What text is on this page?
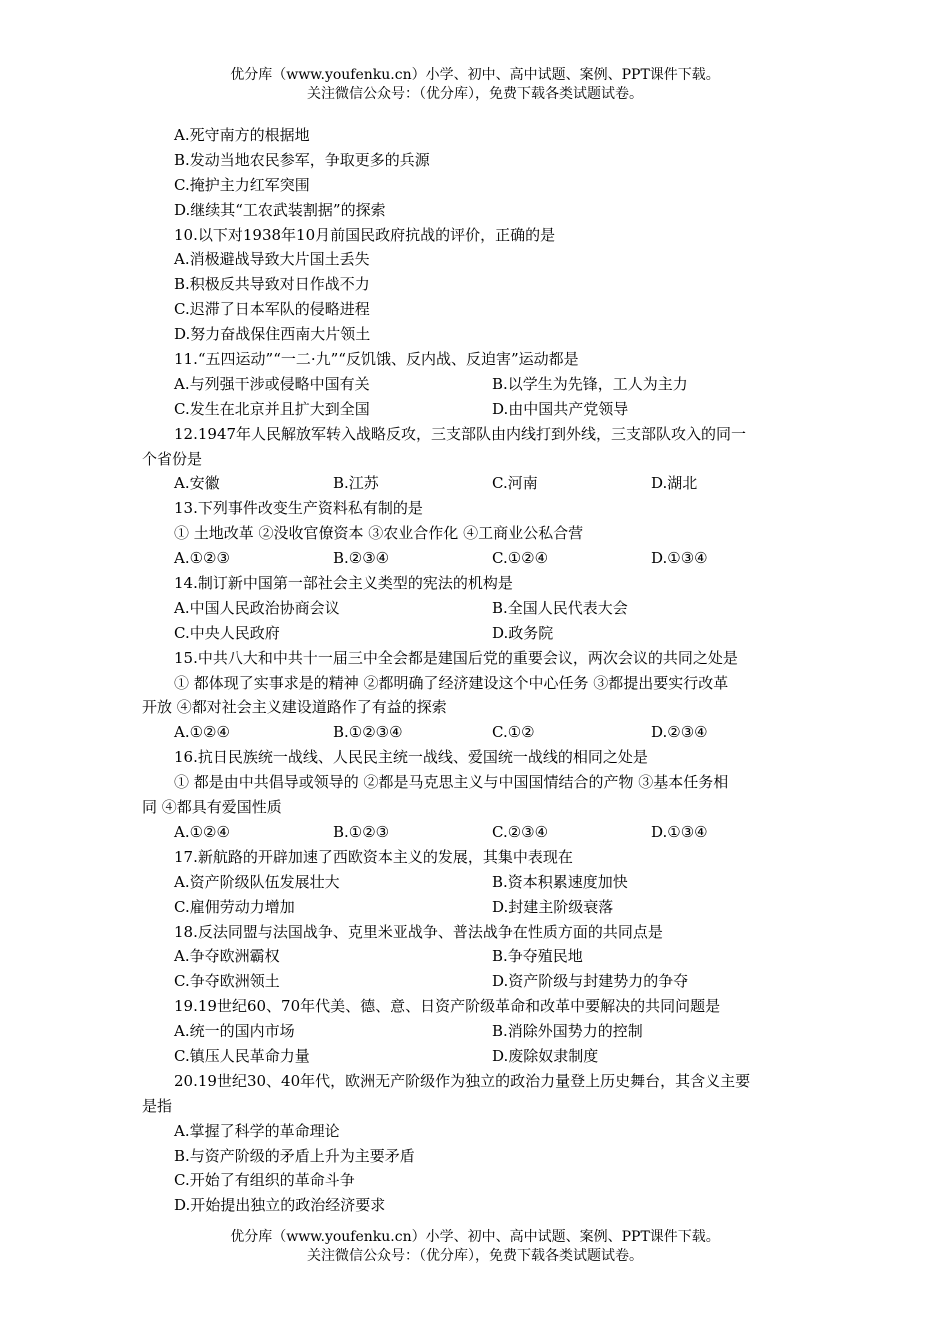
优分库（www.youfenku.cn）小学、初中、高中试题、案例、PPT课件下载。
关注微信公众号：（优分库），免费下载各类试题试卷。
A.死守南方的根据地
B.发动当地农民参军，争取更多的兵源
C.掩护主力红军突围
D.继续其“工农武装割据”的探索
10.以下对1938年10月前国民政府抗战的评价，正确的是
A.消极避战导致大片国土丢失
B.积极反共导致对日作战不力
C.迟滞了日本军队的侵略进程
D.努力奋战保住西南大片领土
11.“五四运动”“一二·九”“反饥饿、反内战、反迫害”运动都是
A.与列强干涉或侵略中国有关	B.以学生为先锋，工人为主力
C.发生在北京并且扩大到全国	D.由中国共产党领导
12.1947年人民解放军转入战略反攻，三支部队由内线打到外线，三支部队攻入的同一
个省份是
A.安徽	B.江苏	C.河南	D.湖北
13.下列事件改变生产资料私有制的是
① 土地改革 ②没收官僚资本 ③农业合作化 ④工商业公私合营
A.①②③	B.②③④	C.①②④	D.①③④
14.制订新中国第一部社会主义类型的宪法的机构是
A.中国人民政治协商会议	B.全国人民代表大会
C.中央人民政府	D.政务院
15.中共八大和中共十一届三中全会都是建国后党的重要会议，两次会议的共同之处是
① 都体现了实事求是的精神 ②都明确了经济建设这个中心任务 ③都提出要实行改革
开放 ④都对社会主义建设道路作了有益的探索
A.①②④	B.①②③④	C.①②	D.②③④
16.抗日民族统一战线、人民民主统一战线、爱国统一战线的相同之处是
① 都是由中共倡导或领导的 ②都是马克思主义与中国国情结合的产物 ③基本任务相
同 ④都具有爱国性质
A.①②④	B.①②③	C.②③④	D.①③④
17.新航路的开辟加速了西欧资本主义的发展，其集中表现在
A.资产阶级队伍发展壮大	B.资本积累速度加快
C.雇佣劳动力增加	D.封建主阶级衰落
18.反法同盟与法国战争、克里米亚战争、普法战争在性质方面的共同点是
A.争夺欧洲霸权	B.争夺殖民地
C.争夺欧洲领土	D.资产阶级与封建势力的争夺
19.19世纪60、70年代美、德、意、日资产阶级革命和改革中要解决的共同问题是
A.统一的国内市场	B.消除外国势力的控制
C.镇压人民革命力量	D.废除奴隶制度
20.19世纪30、40年代，欧洲无产阶级作为独立的政治力量登上历史舞台，其含义主要
是指
A.掌握了科学的革命理论
B.与资产阶级的矛盾上升为主要矛盾
C.开始了有组织的革命斗争
D.开始提出独立的政治经济要求
优分库（www.youfenku.cn）小学、初中、高中试题、案例、PPT课件下载。
关注微信公众号：（优分库），免费下载各类试题试卷。
